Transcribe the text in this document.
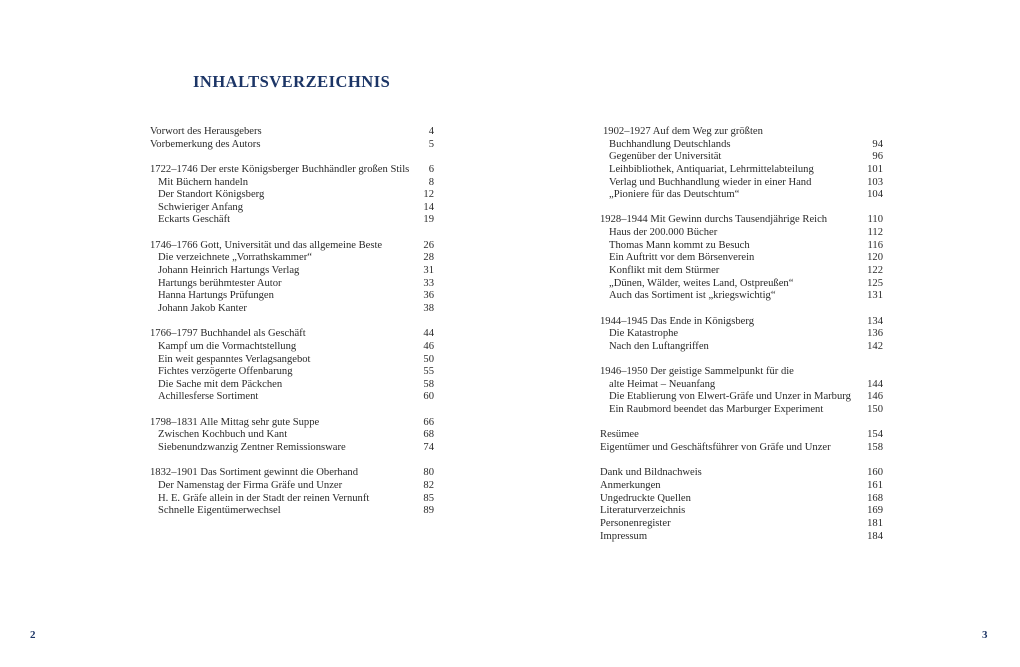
INHALTSVERZEICHNIS
Vorwort des Herausgebers	4
Vorbemerkung des Autors	5
1722–1746 Der erste Königsberger Buchhändler großen Stils 6
Mit Büchern handeln	8
Der Standort Königsberg	12
Schwieriger Anfang	14
Eckarts Geschäft	19
1746–1766 Gott, Universität und das allgemeine Beste	26
Die verzeichnete „Vorrathskammer“	28
Johann Heinrich Hartungs Verlag	31
Hartungs berühmtester Autor	33
Hanna Hartungs Prüfungen	36
Johann Jakob Kanter	38
1766–1797 Buchhandel als Geschäft	44
Kampf um die Vormachtstellung	46
Ein weit gespanntes Verlagsangebot	50
Fichtes verzögerte Offenbarung	55
Die Sache mit dem Päckchen	58
Achillesferse Sortiment	60
1798–1831 Alle Mittag sehr gute Suppe	66
Zwischen Kochbuch und Kant	68
Siebenundzwanzig Zentner Remissionsware	74
1832–1901 Das Sortiment gewinnt die Oberhand	80
Der Namenstag der Firma Gräfe und Unzer	82
H. E. Gräfe allein in der Stadt der reinen Vernunft	85
Schnelle Eigentümerwechsel	89
1902–1927 Auf dem Weg zur größten
Buchhandlung Deutschlands	94
Gegenüber der Universität	96
Leihbibliothek, Antiquariat, Lehrmittelabteilung	101
Verlag und Buchhandlung wieder in einer Hand	103
„Pioniere für das Deutschtum“	104
1928–1944 Mit Gewinn durchs Tausendjährige Reich	110
Haus der 200.000 Bücher	112
Thomas Mann kommt zu Besuch	116
Ein Auftritt vor dem Börsenverein	120
Konflikt mit dem Stürmer	122
„Dünen, Wälder, weites Land, Ostpreußen“	125
Auch das Sortiment ist „kriegswichtig“	131
1944–1945 Das Ende in Königsberg	134
Die Katastrophe	136
Nach den Luftangriffen	142
1946–1950 Der geistige Sammelpunkt für die
alte Heimat – Neuanfang	144
Die Etablierung von Elwert-Gräfe und Unzer in Marburg 146
Ein Raubmord beendet das Marburger Experiment	150
Resümee	154
Eigentümer und Geschäftsführer von Gräfe und Unzer	158
Dank und Bildnachweis	160
Anmerkungen	161
Ungedruckte Quellen	168
Literaturverzeichnis	169
Personenregister	181
Impressum	184
2	3
